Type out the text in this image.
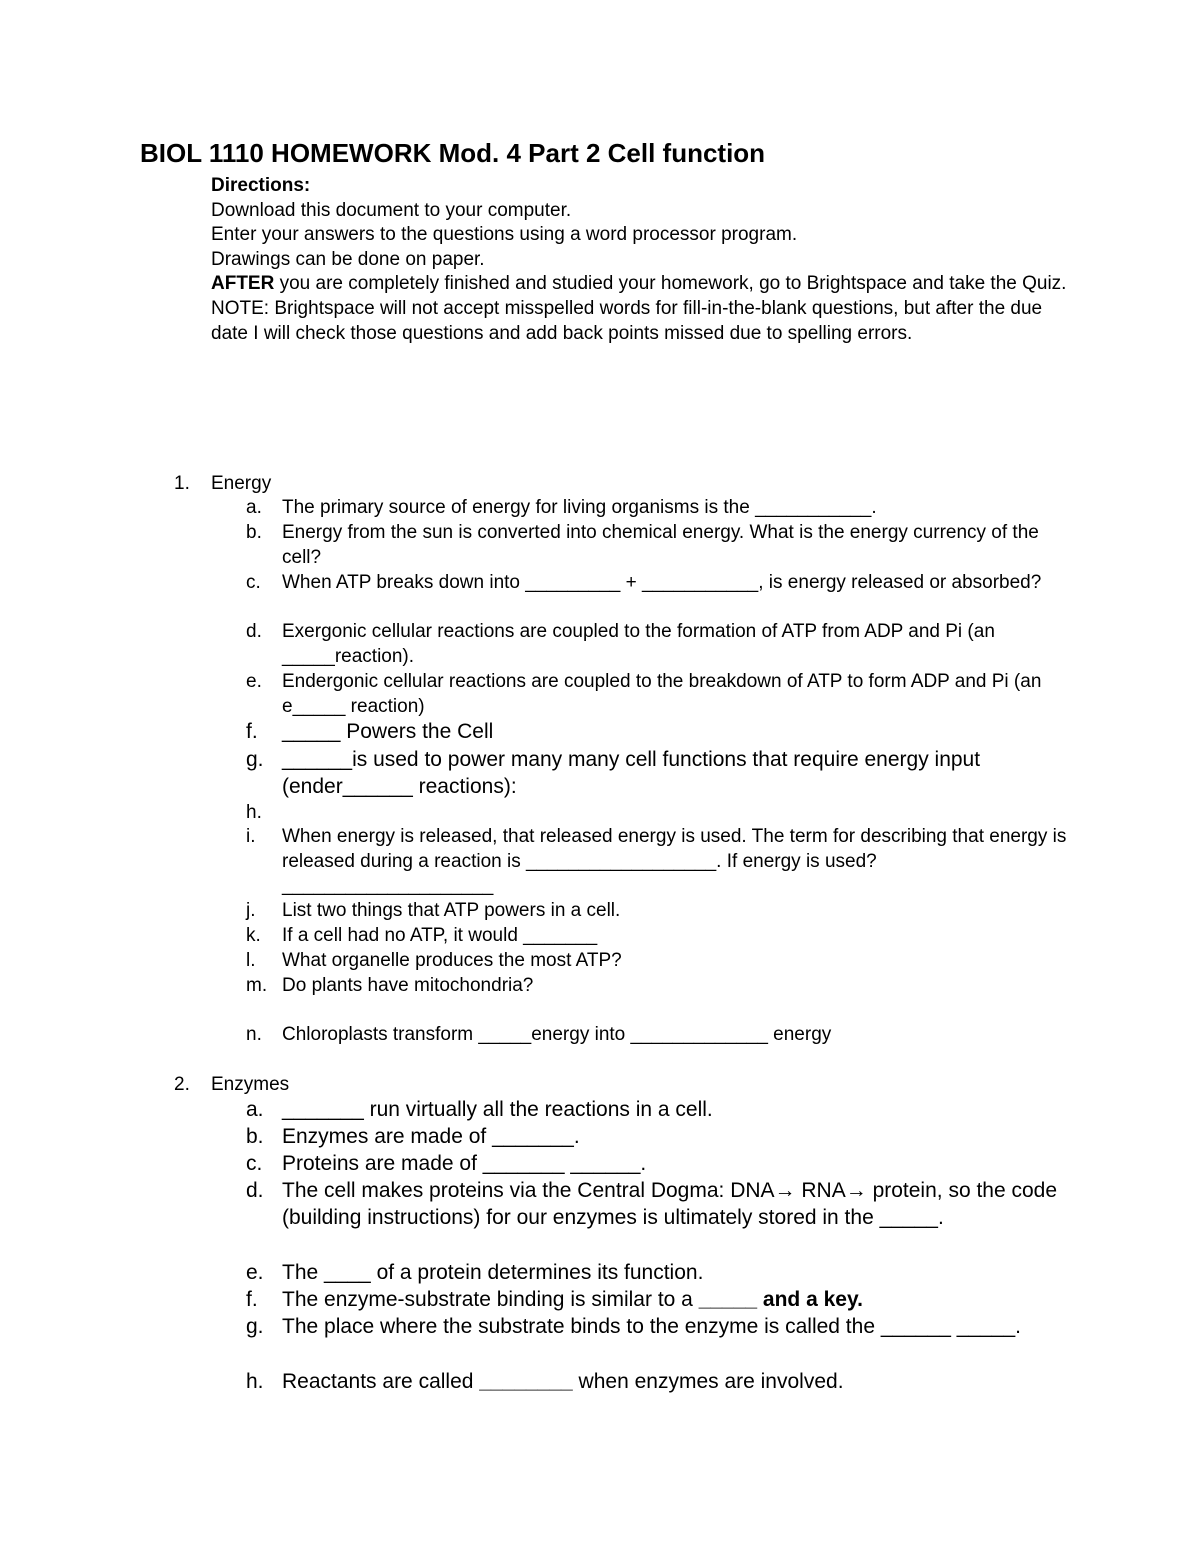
BIOL 1110 HOMEWORK Mod. 4 Part 2 Cell function

Directions:

Download this document to your computer.

Enter your answers to the questions using a word processor program.

Drawings can be done on paper.

AFTER you are completely finished and studied your homework, go to Brightspace and take the Quiz.

NOTE: Brightspace will not accept misspelled words for fill-in-the-blank questions, but after the due date I will check those questions and add back points missed due to spelling errors.

1. Energy
a. The primary source of energy for living organisms is the ___________.
b. Energy from the sun is converted into chemical energy. What is the energy currency of the cell?
c. When ATP breaks down into _________ + ___________, is energy released or absorbed?
d. Exergonic cellular reactions are coupled to the formation of ATP from ADP and Pi (an _____reaction).
e. Endergonic cellular reactions are coupled to the breakdown of ATP to form ADP and Pi (an e_____ reaction)
f. _____ Powers the Cell
g. ______is used to power many many cell functions that require energy input (ender______ reactions):
h.
i. When energy is released, that released energy is used. The term for describing that energy is released during a reaction is __________________. If energy is used? ____________________
j. List two things that ATP powers in a cell.
k. If a cell had no ATP, it would _______
l. What organelle produces the most ATP?
m. Do plants have mitochondria?
n. Chloroplasts transform _____energy into _____________ energy
2. Enzymes
a. _______ run virtually all the reactions in a cell.
b. Enzymes are made of _______.
c. Proteins are made of _______ ______.
d. The cell makes proteins via the Central Dogma: DNA→ RNA→ protein, so the code (building instructions) for our enzymes is ultimately stored in the _____.
e. The ____ of a protein determines its function.
f. The enzyme-substrate binding is similar to a _____ and a key.
g. The place where the substrate binds to the enzyme is called the ______ _____.
h. Reactants are called ________ when enzymes are involved.
